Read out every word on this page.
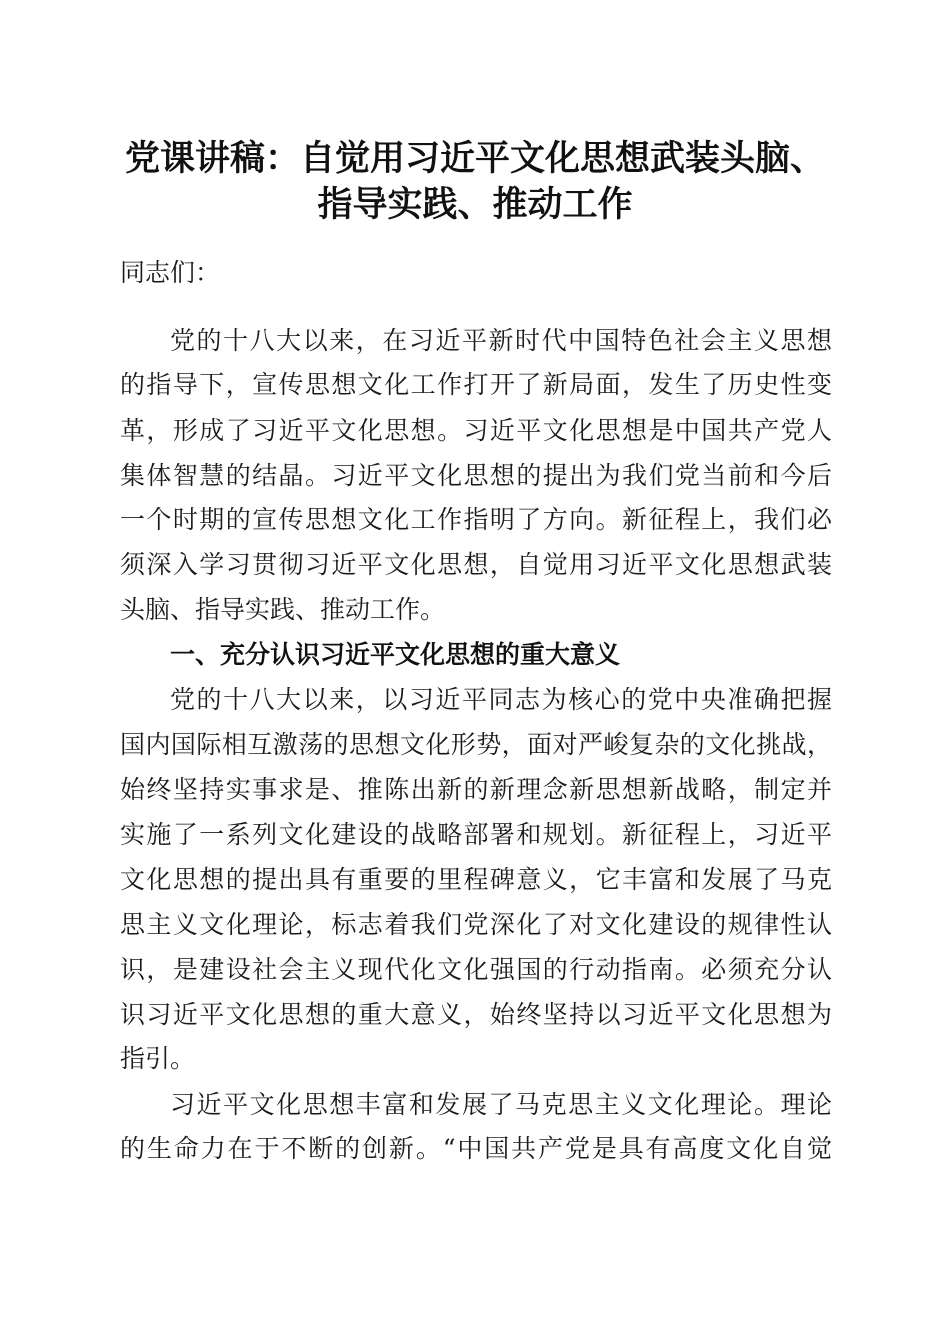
党课讲稿：自觉用习近平文化思想武装头脑、
指导实践、推动工作
同志们：
党的十八大以来，在习近平新时代中国特色社会主义思想
的指导下，宣传思想文化工作打开了新局面，发生了历史性变
革，形成了习近平文化思想。习近平文化思想是中国共产党人
集体智慧的结晶。习近平文化思想的提出为我们党当前和今后
一个时期的宣传思想文化工作指明了方向。新征程上，我们必
须深入学习贯彻习近平文化思想，自觉用习近平文化思想武装
头脑、指导实践、推动工作。
一、充分认识习近平文化思想的重大意义
党的十八大以来，以习近平同志为核心的党中央准确把握
国内国际相互激荡的思想文化形势，面对严峻复杂的文化挑战，
始终坚持实事求是、推陈出新的新理念新思想新战略，制定并
实施了一系列文化建设的战略部署和规划。新征程上，习近平
文化思想的提出具有重要的里程碑意义，它丰富和发展了马克
思主义文化理论，标志着我们党深化了对文化建设的规律性认
识，是建设社会主义现代化文化强国的行动指南。必须充分认
识习近平文化思想的重大意义，始终坚持以习近平文化思想为
指引。
习近平文化思想丰富和发展了马克思主义文化理论。理论
的生命力在于不断的创新。“中国共产党是具有高度文化自觉
